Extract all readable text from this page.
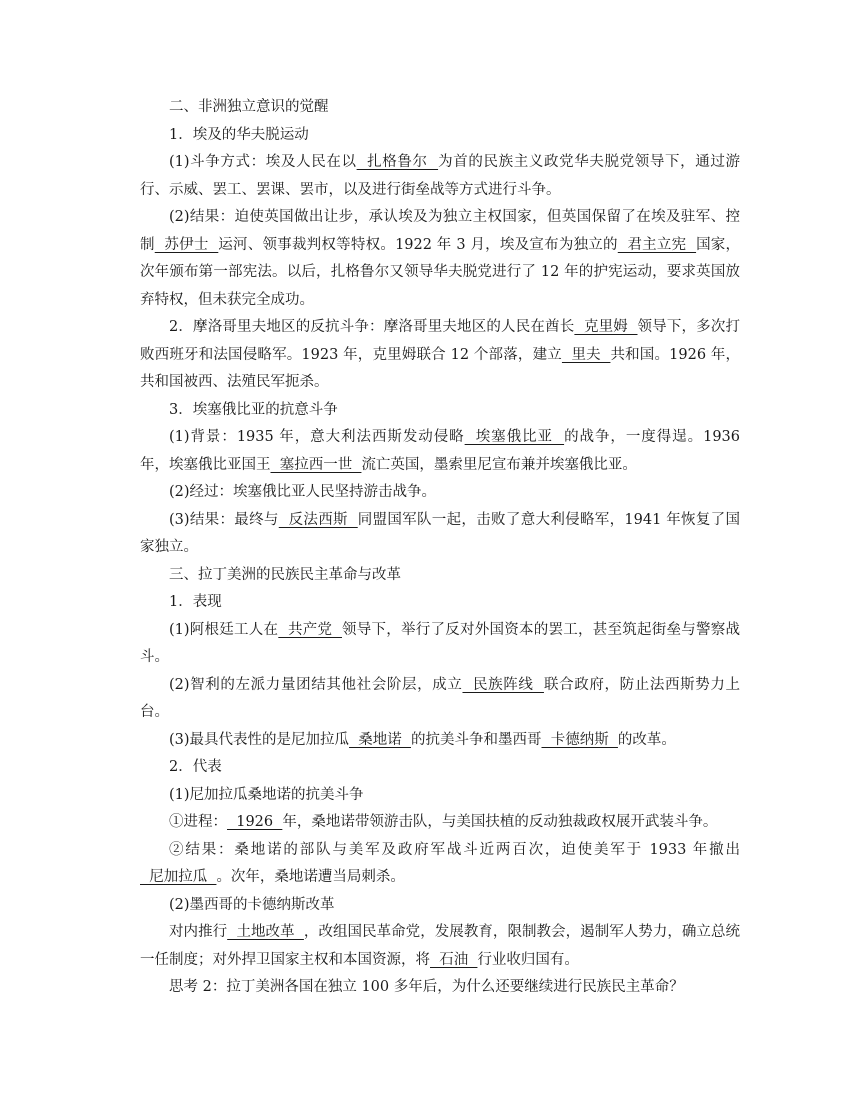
二、非洲独立意识的觉醒

1．埃及的华夫脱运动

(1)斗争方式：埃及人民在以  扎格鲁尔  为首的民族主义政党华夫脱党领导下，通过游行、示威、罢工、罢课、罢市，以及进行街垒战等方式进行斗争。

(2)结果：迫使英国做出让步，承认埃及为独立主权国家，但英国保留了在埃及驻军、控制  苏伊士  运河、领事裁判权等特权。1922 年 3 月，埃及宣布为独立的  君主立宪  国家，次年颁布第一部宪法。以后，扎格鲁尔又领导华夫脱党进行了 12 年的护宪运动，要求英国放弃特权，但未获完全成功。

2．摩洛哥里夫地区的反抗斗争：摩洛哥里夫地区的人民在酋长  克里姆  领导下，多次打败西班牙和法国侵略军。1923 年，克里姆联合 12 个部落，建立  里夫  共和国。1926 年，共和国被西、法殖民军扼杀。

3．埃塞俄比亚的抗意斗争

(1)背景：1935 年，意大利法西斯发动侵略  埃塞俄比亚  的战争，一度得逞。1936 年，埃塞俄比亚国王  塞拉西一世  流亡英国，墨索里尼宣布兼并埃塞俄比亚。

(2)经过：埃塞俄比亚人民坚持游击战争。

(3)结果：最终与  反法西斯  同盟国军队一起，击败了意大利侵略军，1941 年恢复了国家独立。

三、拉丁美洲的民族民主革命与改革

1．表现

(1)阿根廷工人在  共产党  领导下，举行了反对外国资本的罢工，甚至筑起街垒与警察战斗。

(2)智利的左派力量团结其他社会阶层，成立  民族阵线  联合政府，防止法西斯势力上台。

(3)最具代表性的是尼加拉瓜  桑地诺  的抗美斗争和墨西哥  卡德纳斯  的改革。

2．代表

(1)尼加拉瓜桑地诺的抗美斗争

①进程：  1926  年，桑地诺带领游击队，与美国扶植的反动独裁政权展开武装斗争。

②结果：桑地诺的部队与美军及政府军战斗近两百次，迫使美军于 1933 年撤出  尼加拉瓜  。次年，桑地诺遭当局刺杀。

(2)墨西哥的卡德纳斯改革

对内推行  土地改革  ，改组国民革命党，发展教育，限制教会，遏制军人势力，确立总统一任制度；对外捍卫国家主权和本国资源，将  石油  行业收归国有。

思考 2：拉丁美洲各国在独立 100 多年后，为什么还要继续进行民族民主革命？
